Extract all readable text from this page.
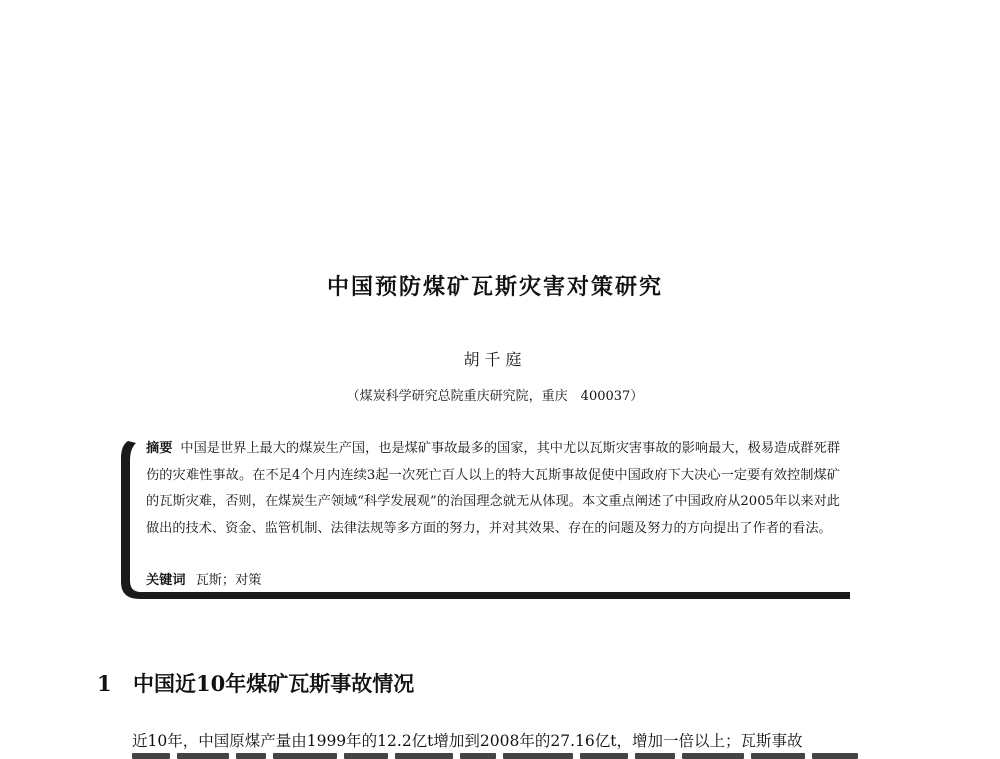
中国预防煤矿瓦斯灾害对策研究
胡千庭
（煤炭科学研究总院重庆研究院，重庆　400037）

摘要 中国是世界上最大的煤炭生产国，也是煤矿事故最多的国家，其中尤以瓦斯灾害事故的影响最大，极易造成群死群伤的灾难性事故。在不足4个月内连续3起一次死亡百人以上的特大瓦斯事故促使中国政府下大决心一定要有效控制煤矿的瓦斯灾难，否则，在煤炭生产领域“科学发展观”的治国理念就无从体现。本文重点阐述了中国政府从2005年以来对此做出的技术、资金、监管机制、法律法规等多方面的努力，并对其效果、存在的问题及努力的方向提出了作者的看法。

关键词 瓦斯；对策
1 中国近10年煤矿瓦斯事故情况

近10年，中国原煤产量由1999年的12.2亿t增加到2008年的27.16亿t，增加一倍以上；瓦斯事故
